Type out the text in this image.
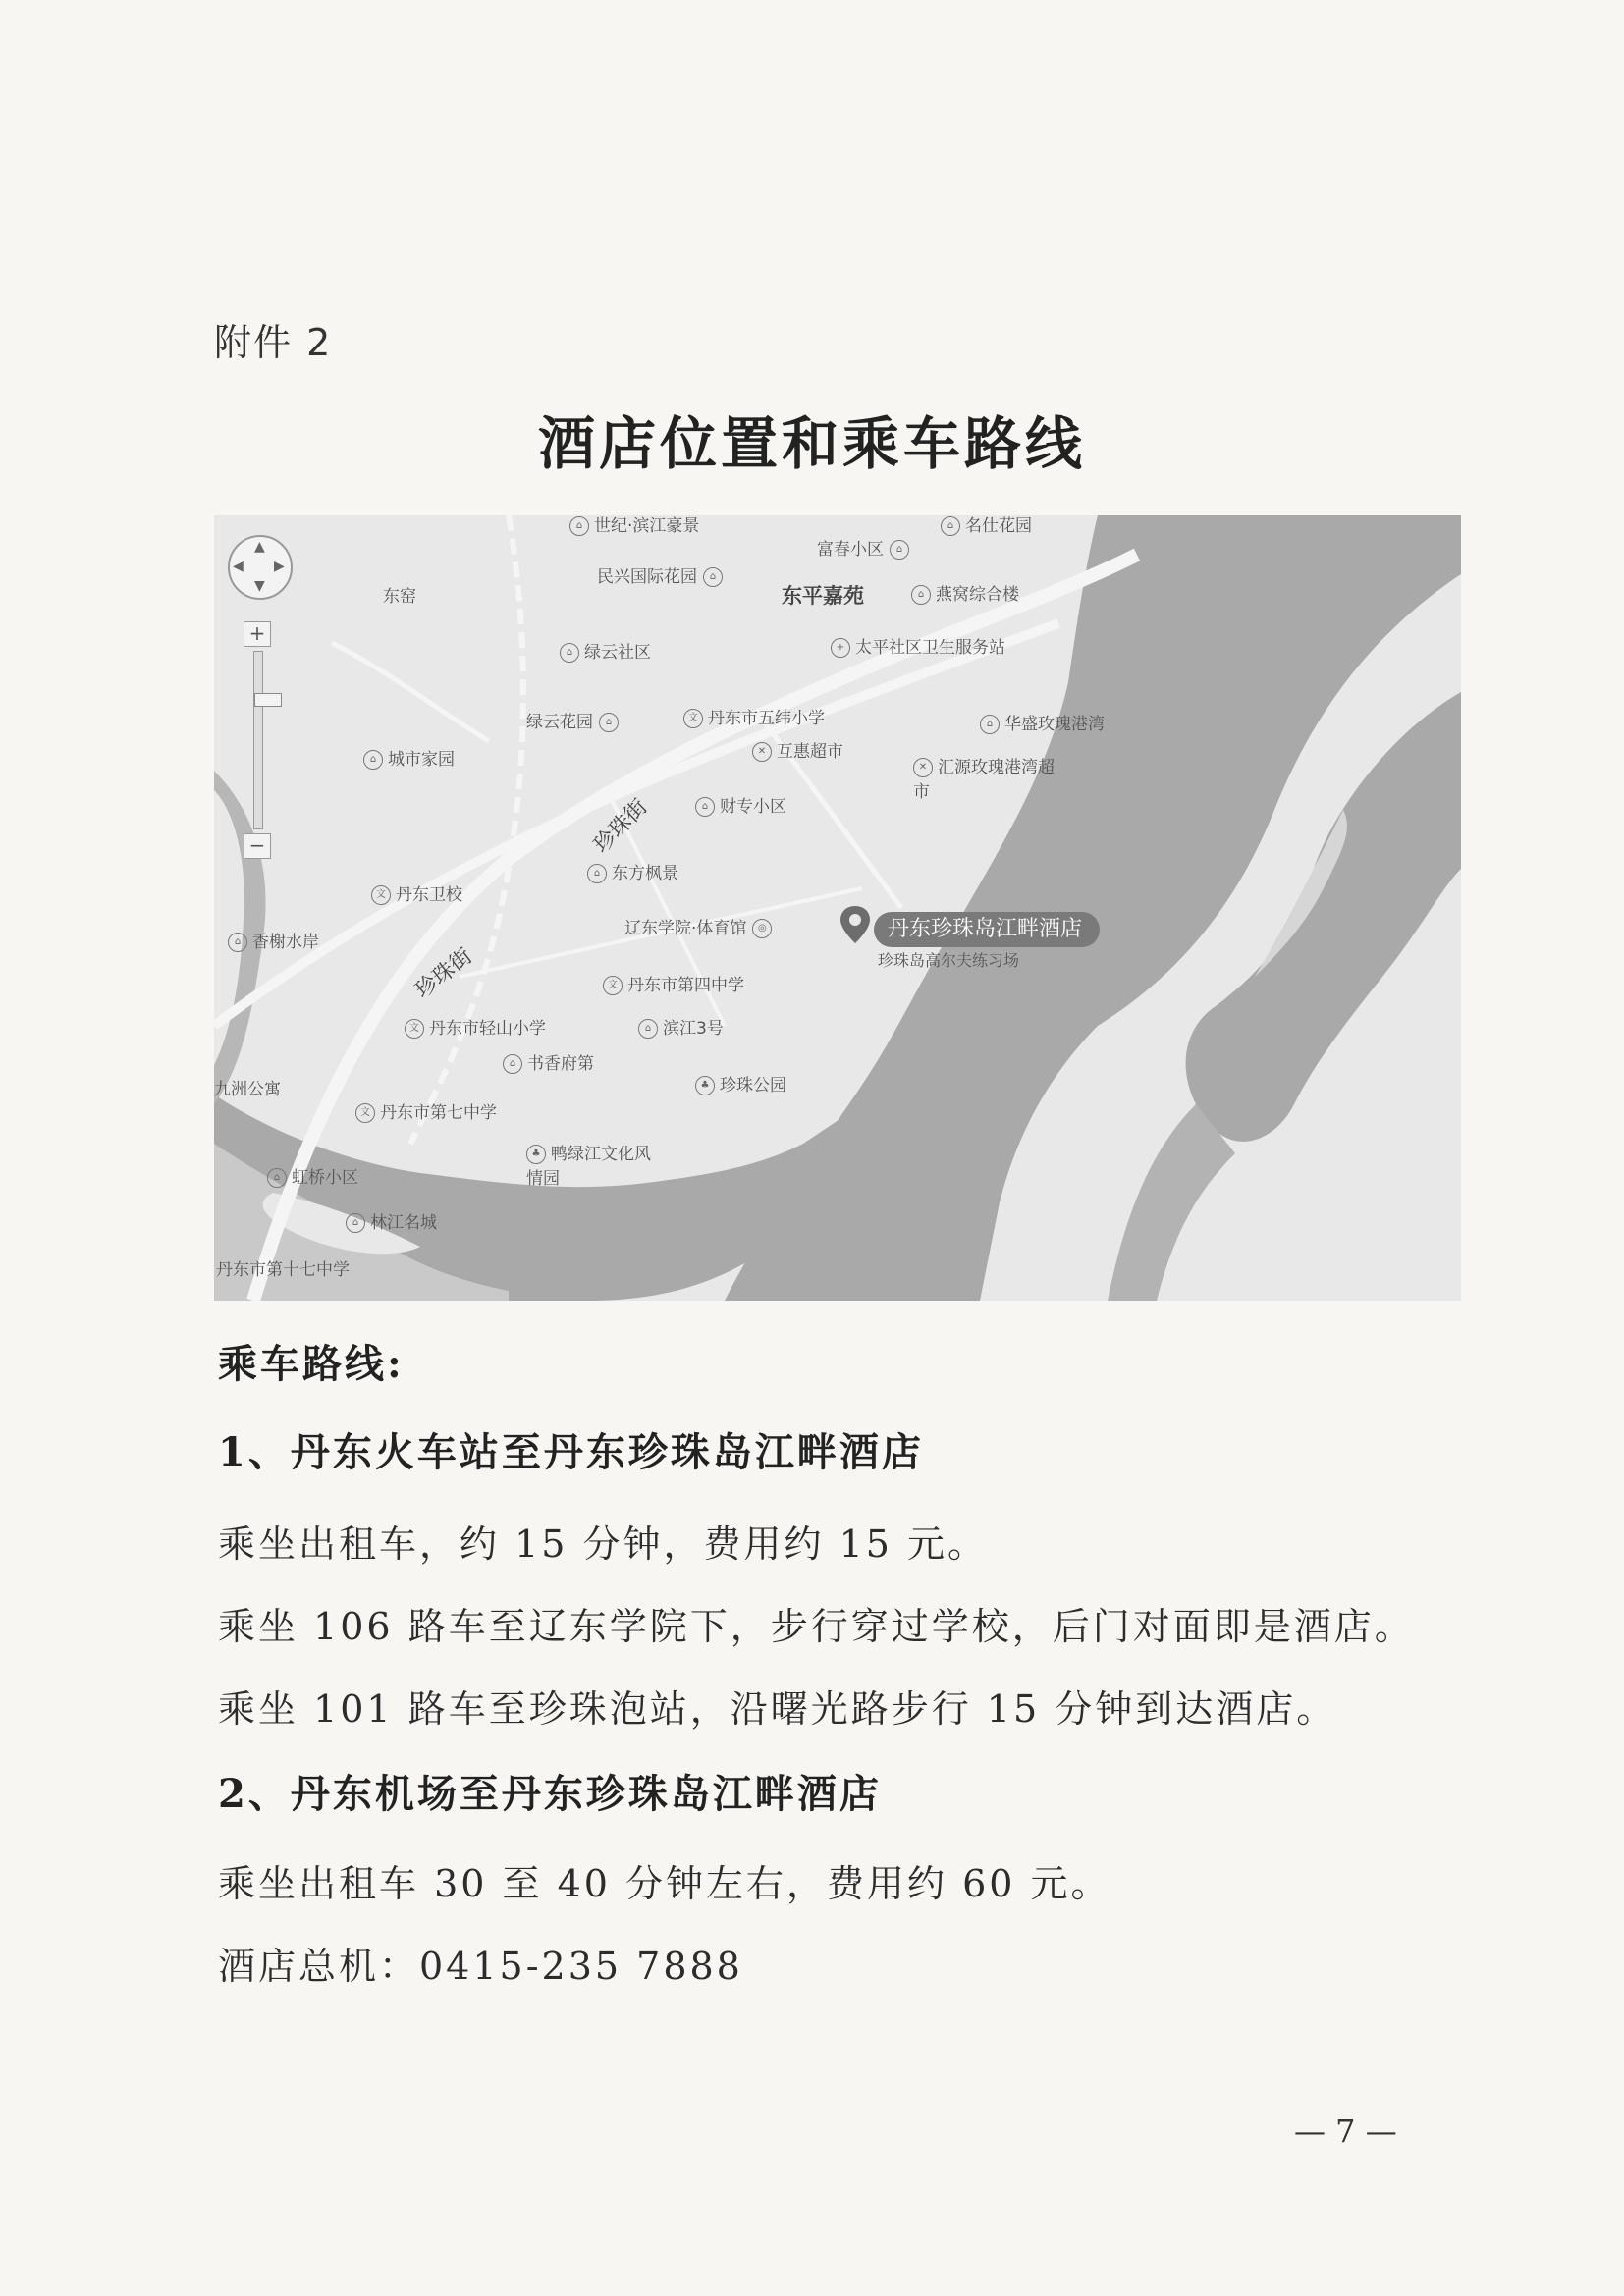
附件 2
酒店位置和乘车路线
▲
▼
◀ ▶
+
−	珍珠街
珍珠街
⌂ 世纪·滨江豪景
东窑
民兴国际花园 ⌂
富春小区 ⌂
⌂ 名仕花园
东平嘉苑	⌂ 燕窝综合楼
⌂ 绿云社区	+ 太平社区卫生服务站
绿云花园 ⌂	文 丹东市五纬小学	⌂ 华盛玫瑰港湾
⌂ 城市家园	✕ 互惠超市
✕ 汇源玫瑰港湾超市
⌂ 财专小区
⌂ 东方枫景
文 丹东卫校
辽东学院·体育馆 ◎
⌂ 香榭水岸
文 丹东市第四中学
文 丹东市轻山小学	⌂ 滨江3号
⌂ 书香府第
九洲公寓	♣ 珍珠公园
文 丹东市第七中学
♣ 鸭绿江文化风情园
⌂ 虹桥小区
⌂ 林江名城
丹东市第十七中学
丹东珍珠岛江畔酒店
珍珠岛高尔夫练习场
乘车路线:
1、丹东火车站至丹东珍珠岛江畔酒店
乘坐出租车，约 15 分钟，费用约 15 元。
乘坐 106 路车至辽东学院下，步行穿过学校，后门对面即是酒店。
乘坐 101 路车至珍珠泡站，沿曙光路步行 15 分钟到达酒店。
2、丹东机场至丹东珍珠岛江畔酒店
乘坐出租车 30 至 40 分钟左右，费用约 60 元。
酒店总机：0415-235 7888
— 7 —
